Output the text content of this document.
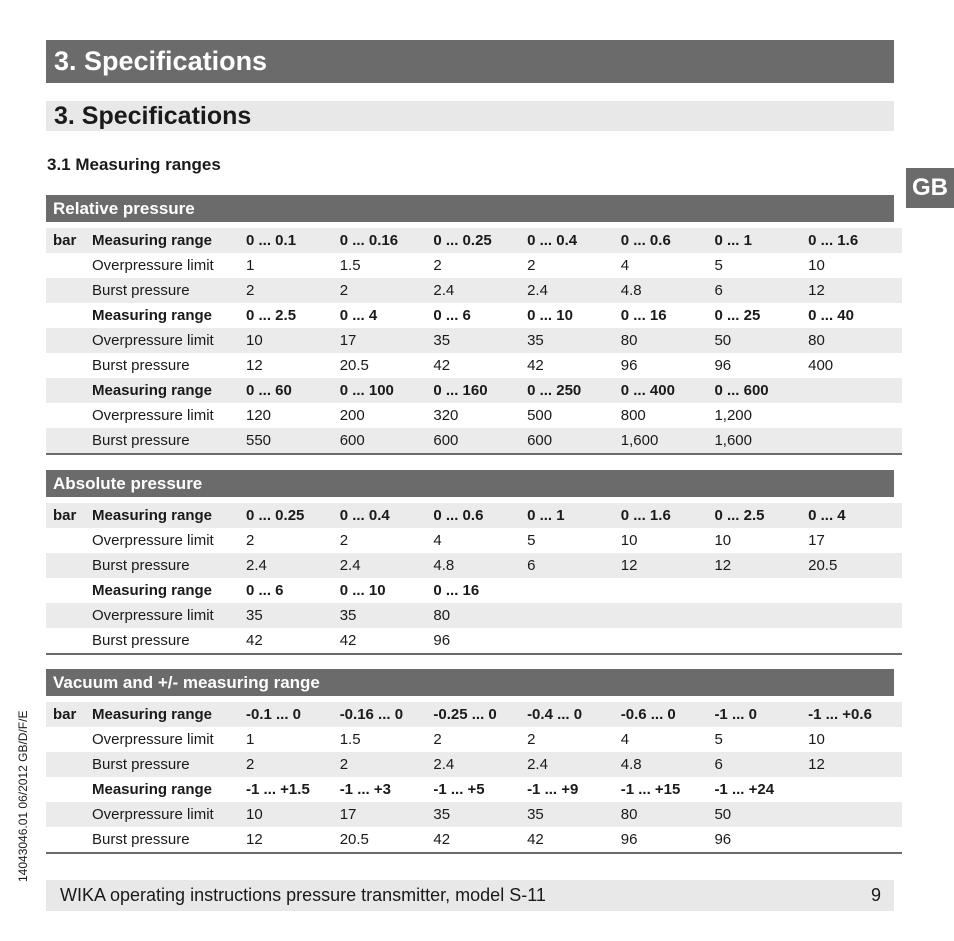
3. Specifications
3. Specifications
3.1 Measuring ranges
GB
14043046.01 06/2012 GB/D/F/E
Relative pressure
bar	Measuring range	0 ... 0.1	0 ... 0.16	0 ... 0.25	0 ... 0.4	0 ... 0.6	0 ... 1	0 ... 1.6
	Overpressure limit	1	1.5	2	2	4	5	10
	Burst pressure	2	2	2.4	2.4	4.8	6	12
	Measuring range	0 ... 2.5	0 ... 4	0 ... 6	0 ... 10	0 ... 16	0 ... 25	0 ... 40
	Overpressure limit	10	17	35	35	80	50	80
	Burst pressure	12	20.5	42	42	96	96	400
	Measuring range	0 ... 60	0 ... 100	0 ... 160	0 ... 250	0 ... 400	0 ... 600	
	Overpressure limit	120	200	320	500	800	1,200	
	Burst pressure	550	600	600	600	1,600	1,600	
Absolute pressure
bar	Measuring range	0 ... 0.25	0 ... 0.4	0 ... 0.6	0 ... 1	0 ... 1.6	0 ... 2.5	0 ... 4
	Overpressure limit	2	2	4	5	10	10	17
	Burst pressure	2.4	2.4	4.8	6	12	12	20.5
	Measuring range	0 ... 6	0 ... 10	0 ... 16				
	Overpressure limit	35	35	80				
	Burst pressure	42	42	96				
Vacuum and +/- measuring range
bar	Measuring range	-0.1 ... 0	-0.16 ... 0	-0.25 ... 0	-0.4 ... 0	-0.6 ... 0	-1 ... 0	-1 ... +0.6
	Overpressure limit	1	1.5	2	2	4	5	10
	Burst pressure	2	2	2.4	2.4	4.8	6	12
	Measuring range	-1 ... +1.5	-1 ... +3	-1 ... +5	-1 ... +9	-1 ... +15	-1 ... +24	
	Overpressure limit	10	17	35	35	80	50	
	Burst pressure	12	20.5	42	42	96	96	
WIKA operating instructions pressure transmitter, model S-11	9
